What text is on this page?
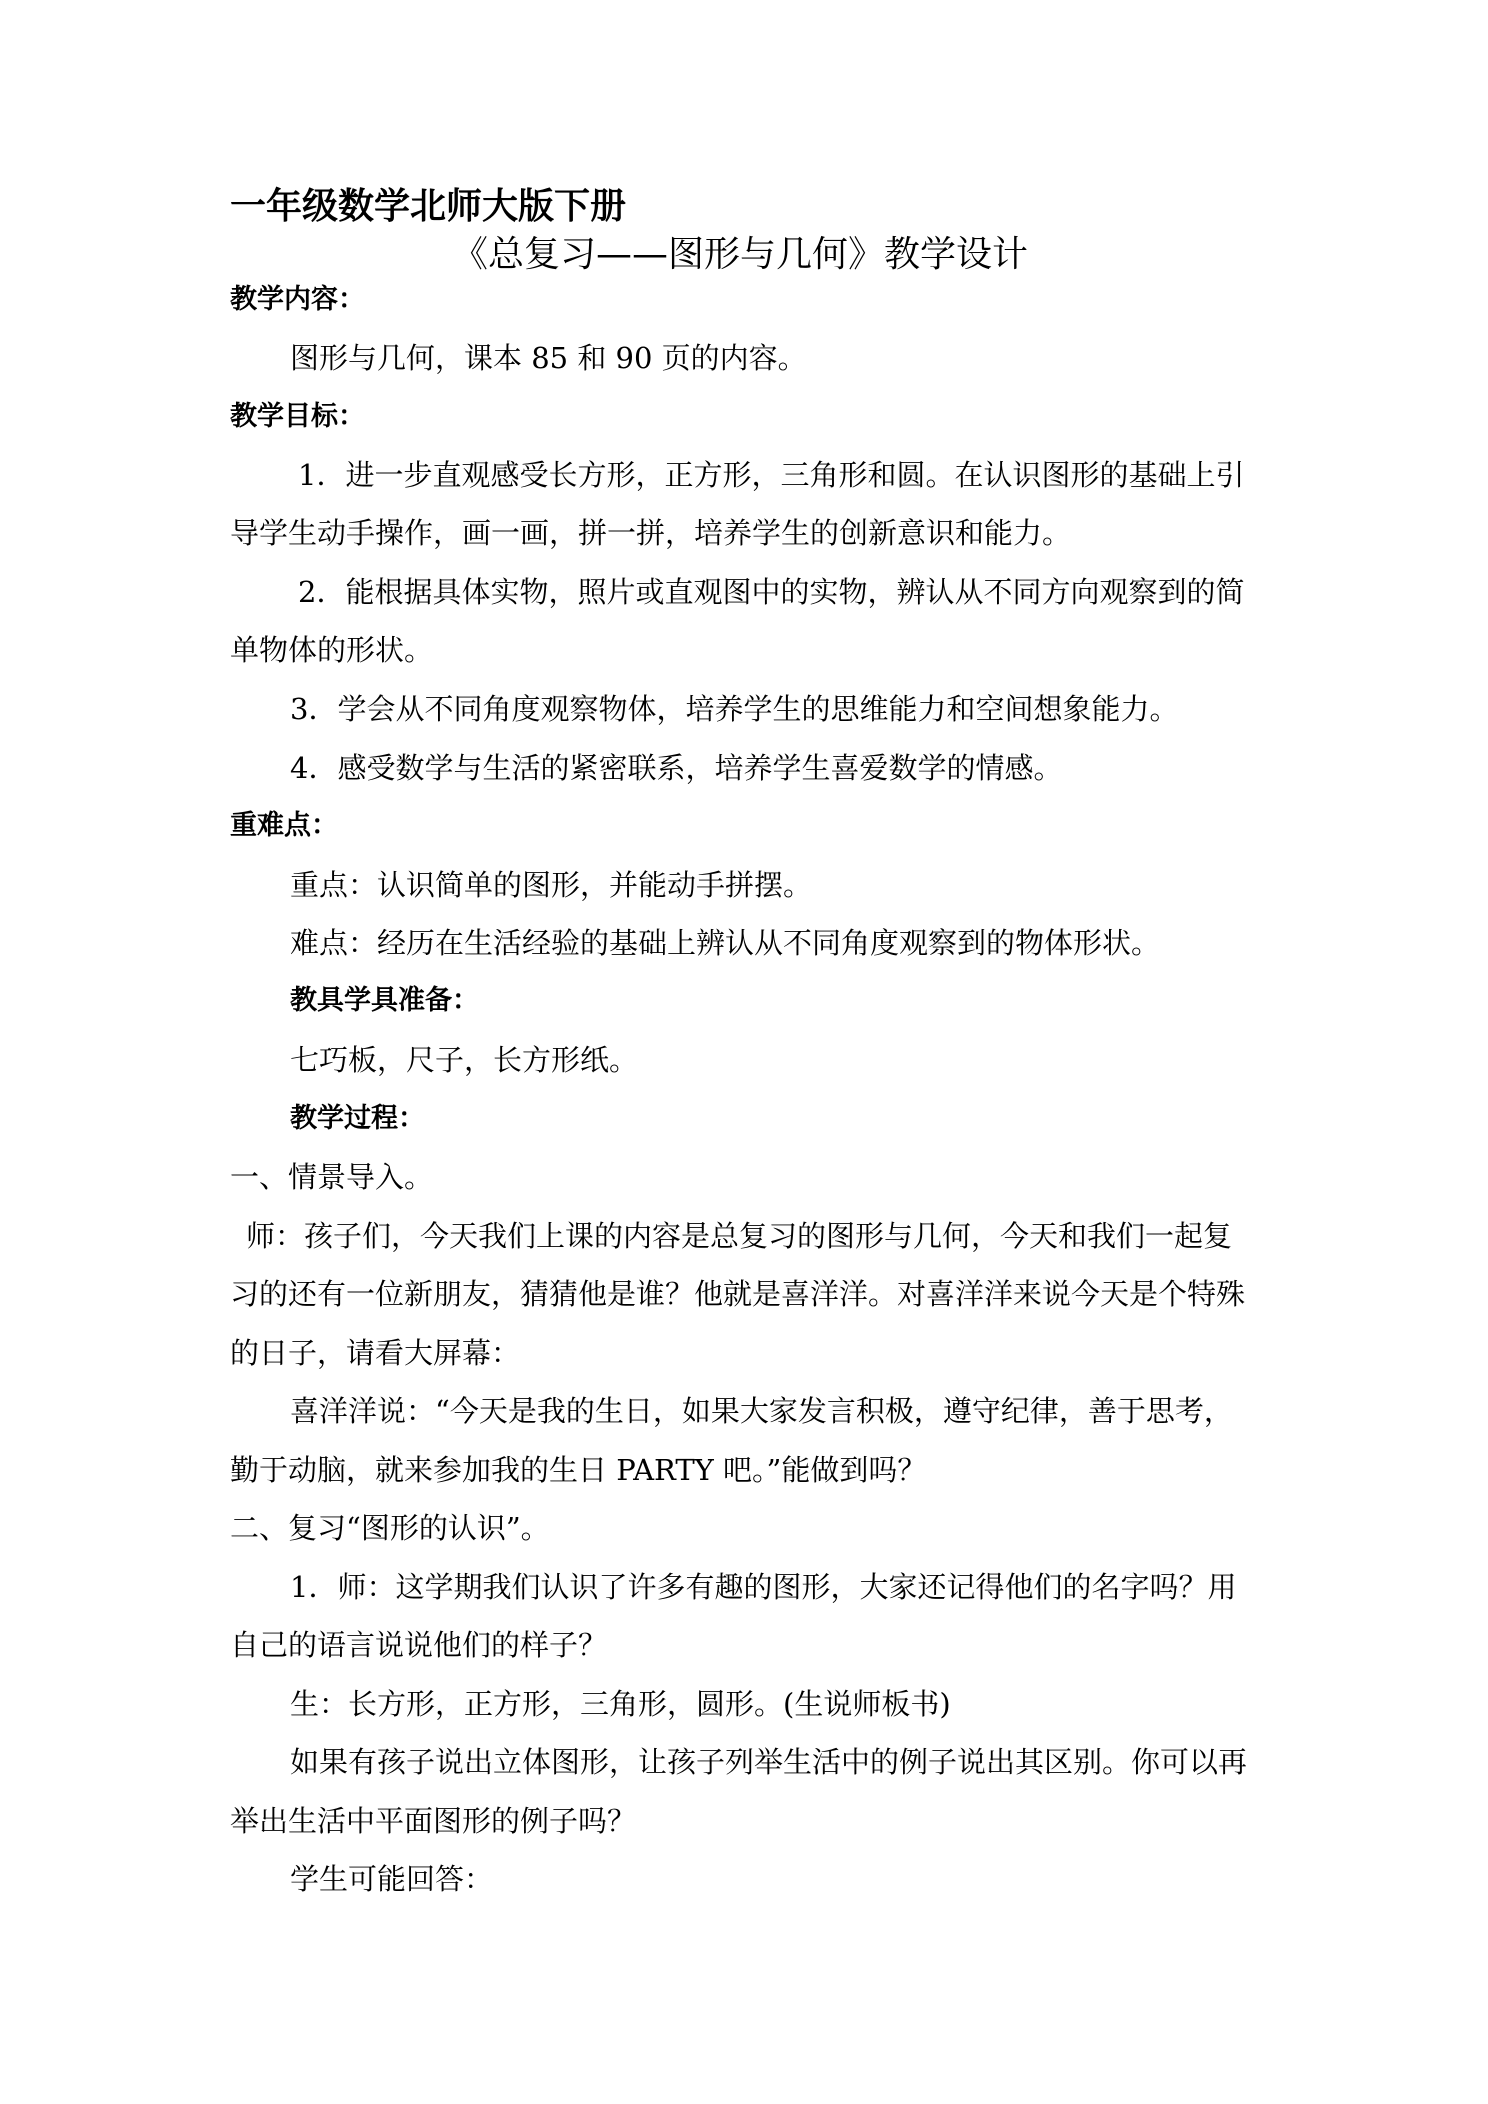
一年级数学北师大版下册
《总复习——图形与几何》教学设计
教学内容：
图形与几何，课本 85 和 90 页的内容。
教学目标：
1．进一步直观感受长方形，正方形，三角形和圆。在认识图形的基础上引
导学生动手操作，画一画，拼一拼，培养学生的创新意识和能力。
2．能根据具体实物，照片或直观图中的实物，辨认从不同方向观察到的简
单物体的形状。
3．学会从不同角度观察物体，培养学生的思维能力和空间想象能力。
4．感受数学与生活的紧密联系，培养学生喜爱数学的情感。
重难点：
重点：认识简单的图形，并能动手拼摆。
难点：经历在生活经验的基础上辨认从不同角度观察到的物体形状。
教具学具准备：
七巧板，尺子，长方形纸。
教学过程：
一、情景导入。
师：孩子们，今天我们上课的内容是总复习的图形与几何，今天和我们一起复
习的还有一位新朋友，猜猜他是谁？他就是喜洋洋。对喜洋洋来说今天是个特殊
的日子，请看大屏幕：
喜洋洋说：“今天是我的生日，如果大家发言积极，遵守纪律，善于思考，
勤于动脑，就来参加我的生日 PARTY 吧。”能做到吗？
二、复习“图形的认识”。
1．师：这学期我们认识了许多有趣的图形，大家还记得他们的名字吗？用
自己的语言说说他们的样子？
生：长方形，正方形，三角形，圆形。(生说师板书)
如果有孩子说出立体图形，让孩子列举生活中的例子说出其区别。你可以再
举出生活中平面图形的例子吗？
学生可能回答：
